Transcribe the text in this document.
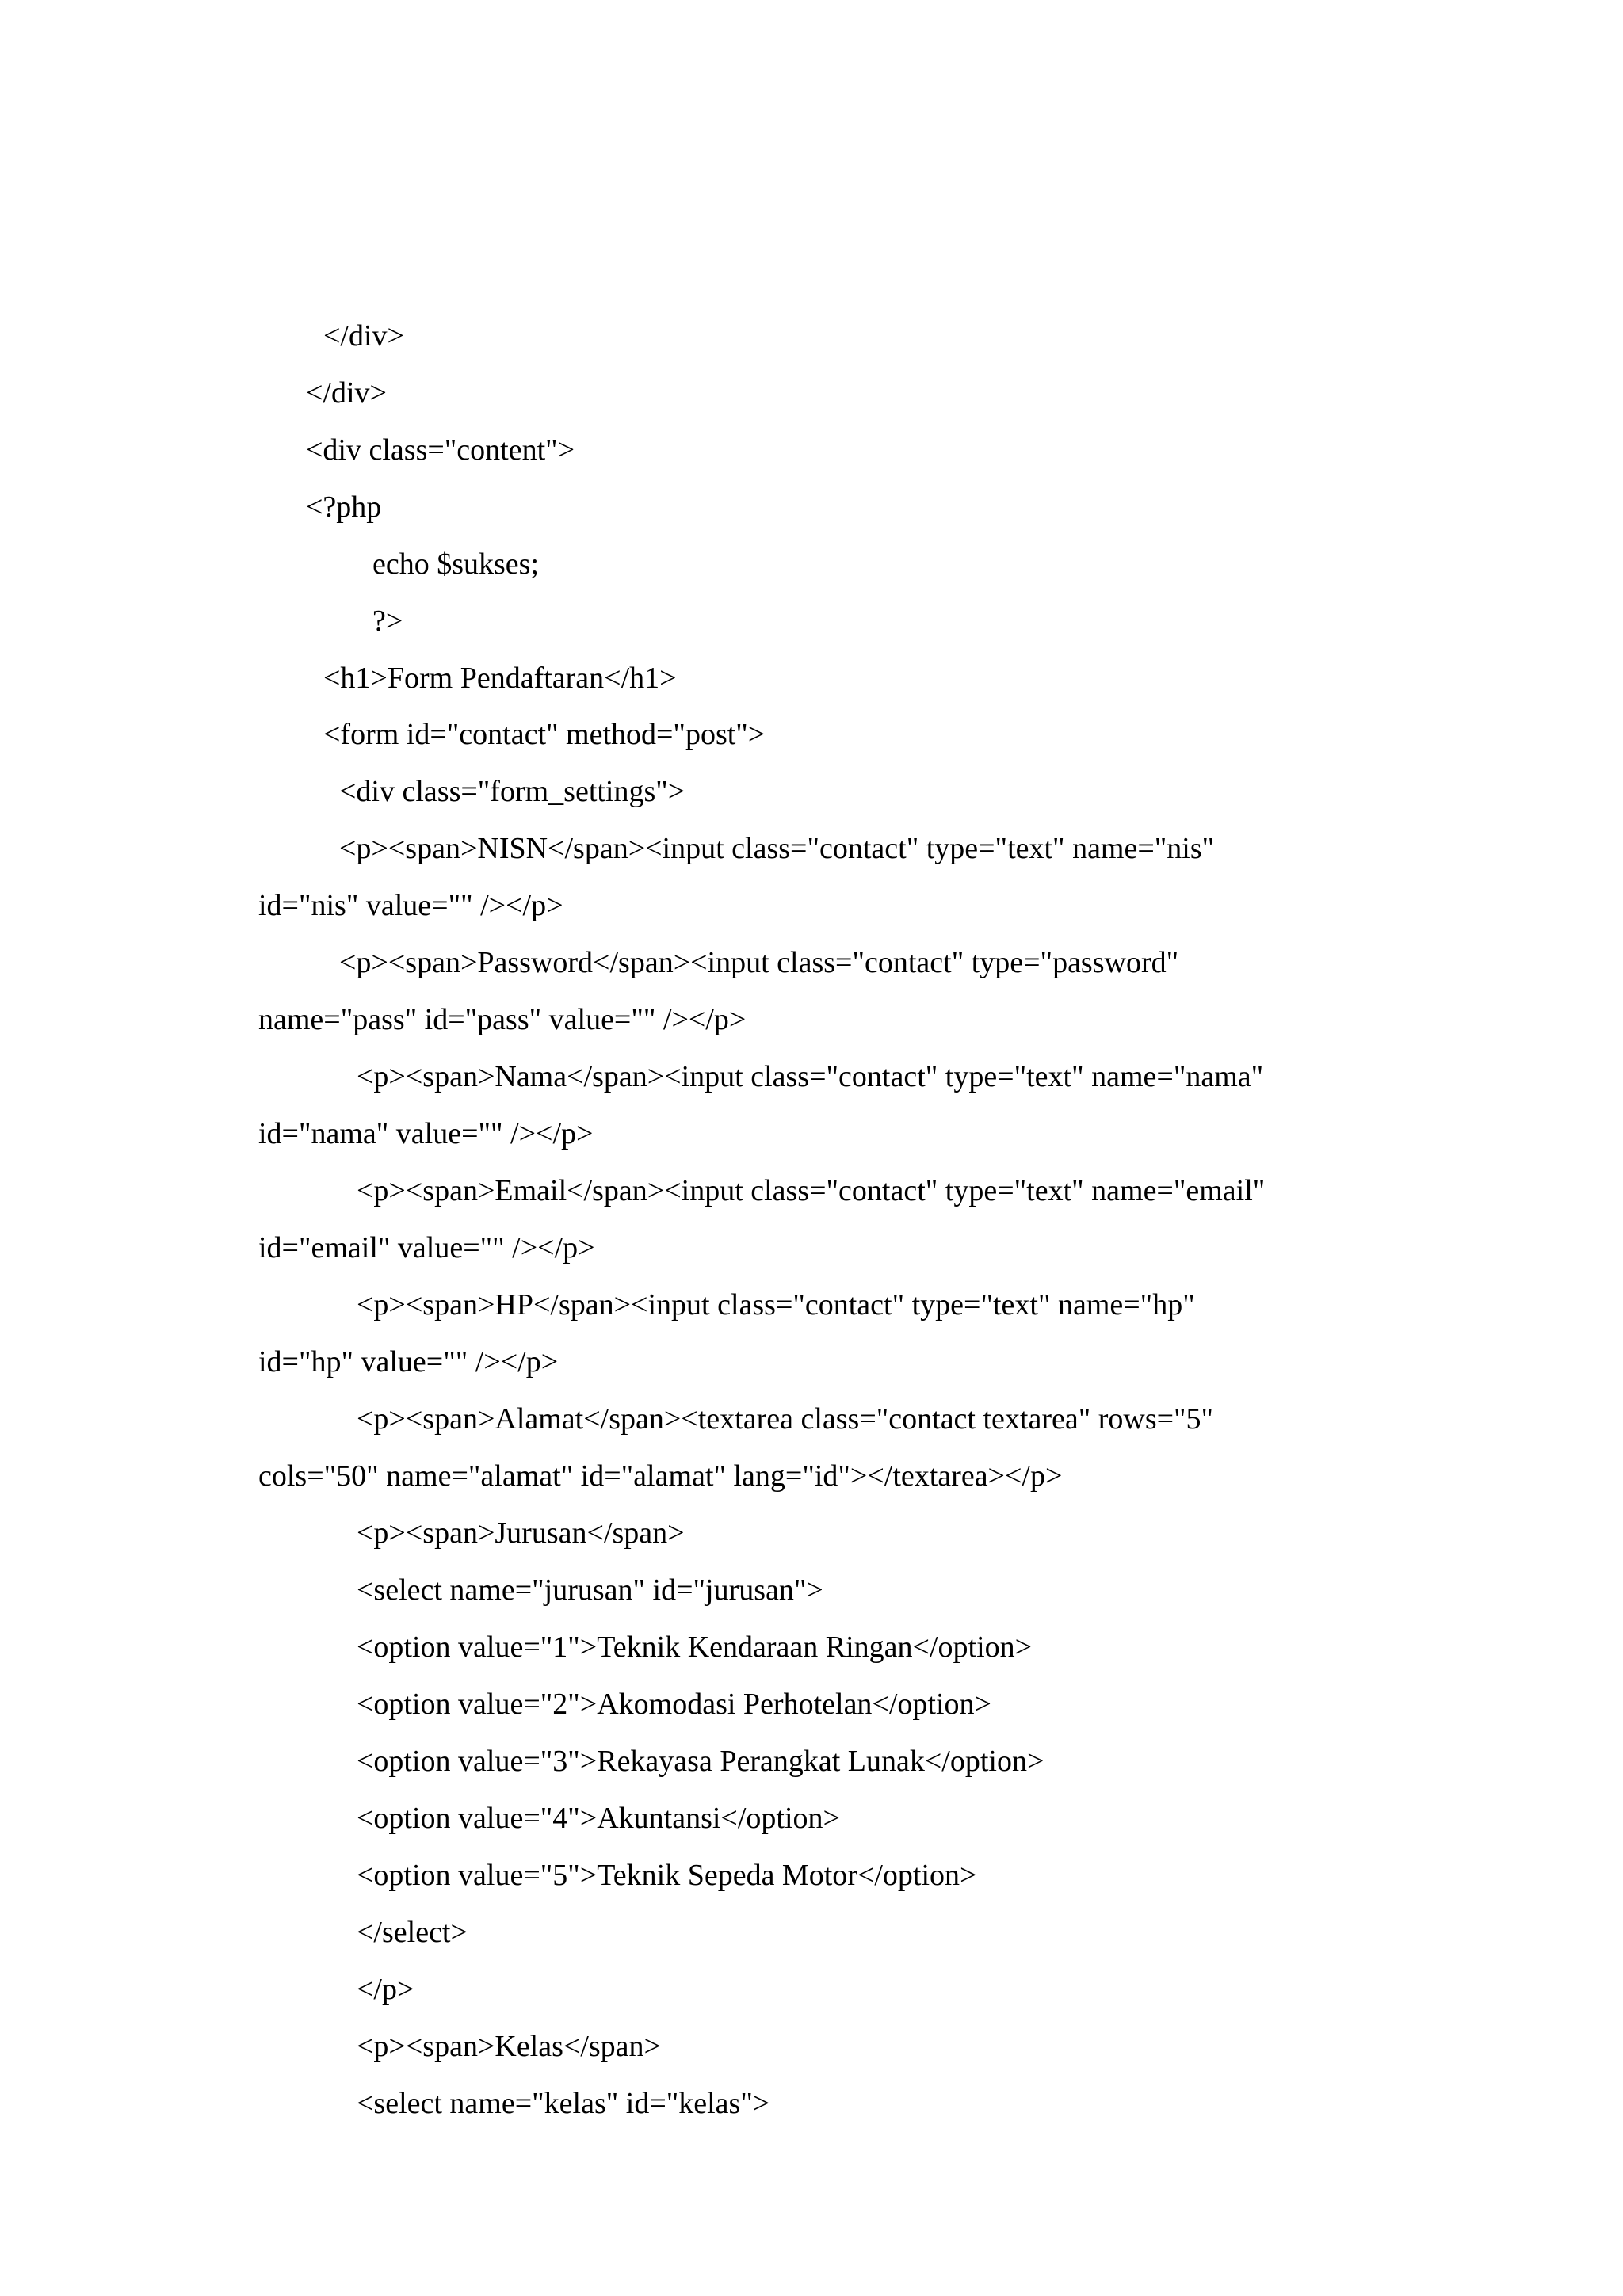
</div>

</div>

<div class="content">

<?php

echo $sukses;

?>

<h1>Form Pendaftaran</h1>

<form id="contact" method="post">

<div class="form_settings">

<p><span>NISN</span><input class="contact" type="text" name="nis"

id="nis" value="" /></p>

<p><span>Password</span><input class="contact" type="password"

name="pass" id="pass" value="" /></p>

<p><span>Nama</span><input class="contact" type="text" name="nama"

id="nama" value="" /></p>

<p><span>Email</span><input class="contact" type="text" name="email"

id="email" value="" /></p>

<p><span>HP</span><input class="contact" type="text" name="hp"

id="hp" value="" /></p>

<p><span>Alamat</span><textarea class="contact textarea" rows="5"

cols="50" name="alamat" id="alamat" lang="id"></textarea></p>

<p><span>Jurusan</span>

<select name="jurusan" id="jurusan">

<option value="1">Teknik Kendaraan Ringan</option>

<option value="2">Akomodasi Perhotelan</option>

<option value="3">Rekayasa Perangkat Lunak</option>

<option value="4">Akuntansi</option>

<option value="5">Teknik Sepeda Motor</option>

</select>

</p>

<p><span>Kelas</span>

<select name="kelas" id="kelas">
